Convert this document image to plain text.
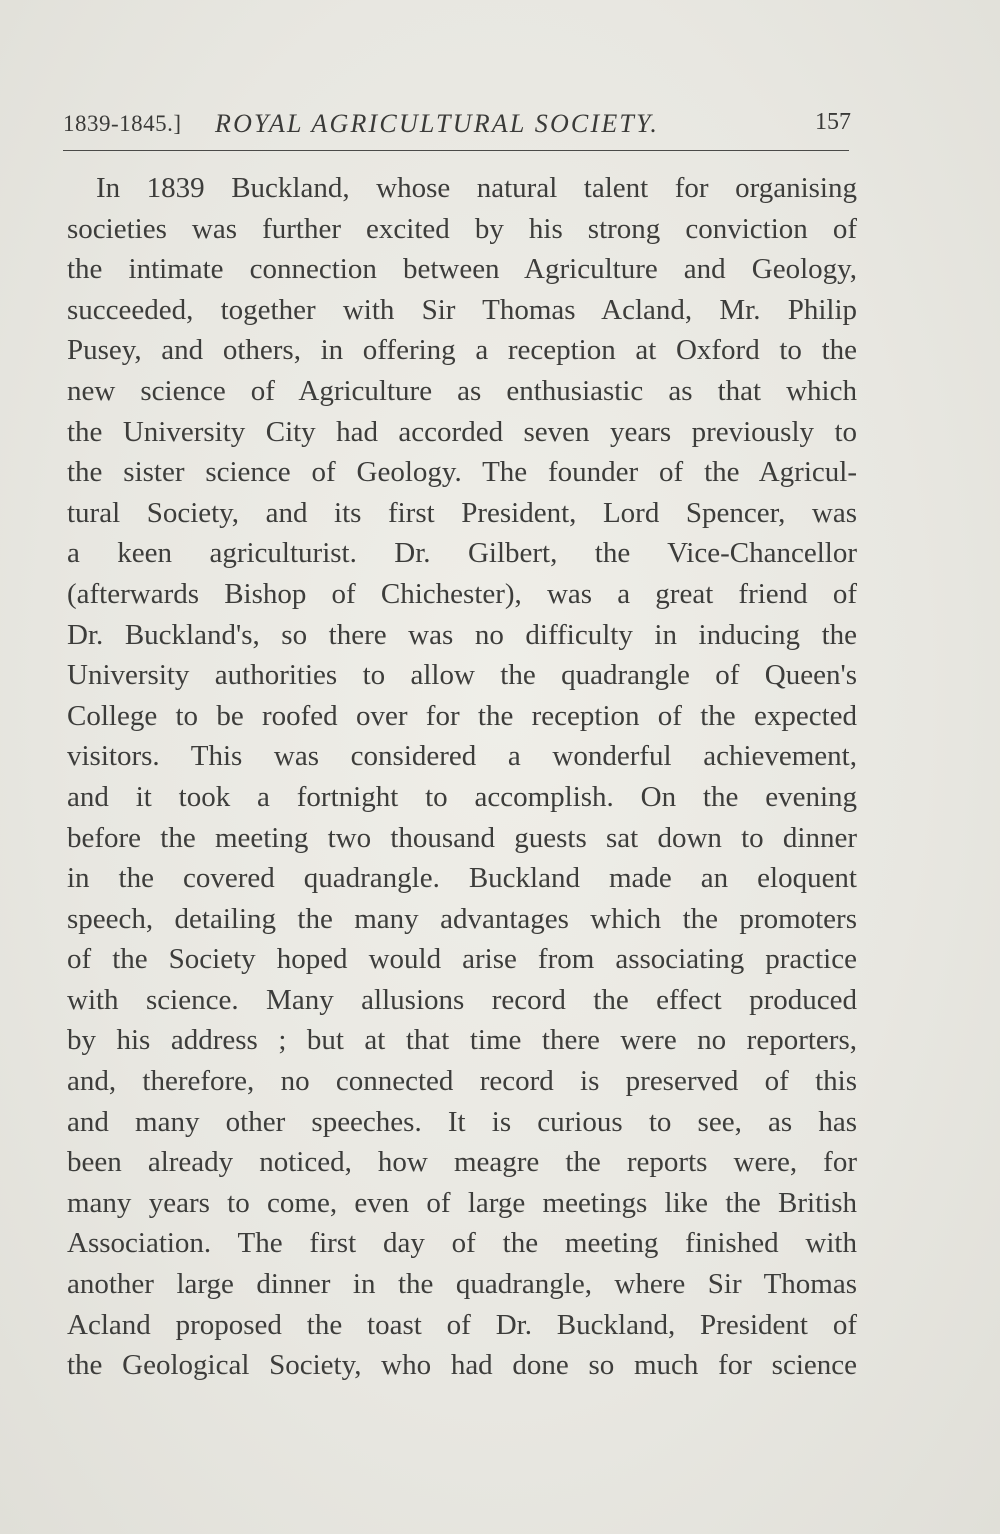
1839-1845.] ROYAL AGRICULTURAL SOCIETY.	157
In 1839 Buckland, whose natural talent for organising
societies was further excited by his strong conviction of
the intimate connection between Agriculture and Geology,
succeeded, together with Sir Thomas Acland, Mr. Philip
Pusey, and others, in offering a reception at Oxford to the
new science of Agriculture as enthusiastic as that which
the University City had accorded seven years previously to
the sister science of Geology. The founder of the Agricul-
tural Society, and its first President, Lord Spencer, was
a keen agriculturist. Dr. Gilbert, the Vice-Chancellor
(afterwards Bishop of Chichester), was a great friend of
Dr. Buckland's, so there was no difficulty in inducing the
University authorities to allow the quadrangle of Queen's
College to be roofed over for the reception of the expected
visitors. This was considered a wonderful achievement,
and it took a fortnight to accomplish. On the evening
before the meeting two thousand guests sat down to dinner
in the covered quadrangle. Buckland made an eloquent
speech, detailing the many advantages which the promoters
of the Society hoped would arise from associating practice
with science. Many allusions record the effect produced
by his address ; but at that time there were no reporters,
and, therefore, no connected record is preserved of this
and many other speeches. It is curious to see, as has
been already noticed, how meagre the reports were, for
many years to come, even of large meetings like the British
Association. The first day of the meeting finished with
another large dinner in the quadrangle, where Sir Thomas
Acland proposed the toast of Dr. Buckland, President of
the Geological Society, who had done so much for science
